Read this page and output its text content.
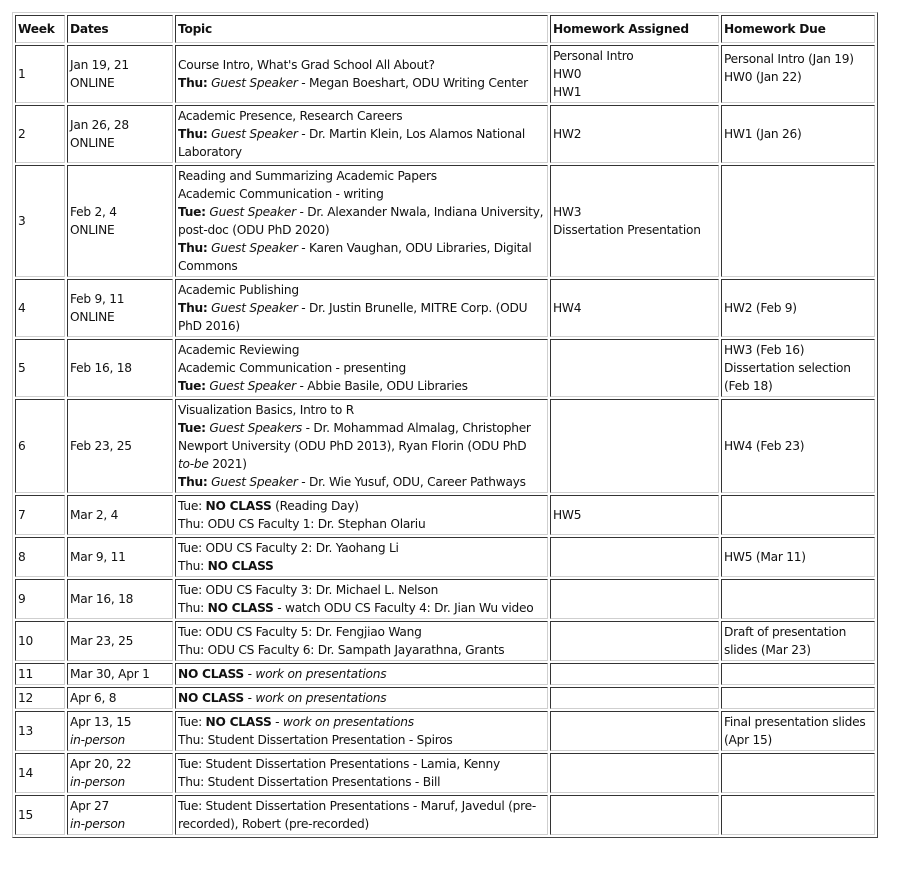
Week	Dates	Topic	Homework Assigned	Homework Due
1	Jan 19, 21
ONLINE	Course Intro, What's Grad School All About?
Thu: Guest Speaker - Megan Boeshart, ODU Writing Center	Personal Intro
HW0
HW1	Personal Intro (Jan 19)
HW0 (Jan 22)

2	Jan 26, 28
ONLINE	Academic Presence, Research Careers
Thu: Guest Speaker - Dr. Martin Klein, Los Alamos National Laboratory	HW2	HW1 (Jan 26)

3	Feb 2, 4
ONLINE	Reading and Summarizing Academic Papers
Academic Communication - writing
Tue: Guest Speaker - Dr. Alexander Nwala, Indiana University, post-doc (ODU PhD 2020)
Thu: Guest Speaker - Karen Vaughan, ODU Libraries, Digital Commons	HW3
Dissertation Presentation	

4	Feb 9, 11
ONLINE	Academic Publishing
Thu: Guest Speaker - Dr. Justin Brunelle, MITRE Corp. (ODU PhD 2016)	HW4	HW2 (Feb 9)

5	Feb 16, 18	Academic Reviewing
Academic Communication - presenting
Tue: Guest Speaker - Abbie Basile, ODU Libraries		HW3 (Feb 16)
Dissertation selection (Feb 18)

6	Feb 23, 25	Visualization Basics, Intro to R
Tue: Guest Speakers - Dr. Mohammad Almalag, Christopher Newport University (ODU PhD 2013), Ryan Florin (ODU PhD to-be 2021)
Thu: Guest Speaker - Dr. Wie Yusuf, ODU, Career Pathways		HW4 (Feb 23)

7	Mar 2, 4	Tue: NO CLASS (Reading Day)
Thu: ODU CS Faculty 1: Dr. Stephan Olariu	HW5	

8	Mar 9, 11	Tue: ODU CS Faculty 2: Dr. Yaohang Li
Thu: NO CLASS		HW5 (Mar 11)

9	Mar 16, 18	Tue: ODU CS Faculty 3: Dr. Michael L. Nelson
Thu: NO CLASS - watch ODU CS Faculty 4: Dr. Jian Wu video		

10	Mar 23, 25	Tue: ODU CS Faculty 5: Dr. Fengjiao Wang
Thu: ODU CS Faculty 6: Dr. Sampath Jayarathna, Grants		Draft of presentation slides (Mar 23)

11	Mar 30, Apr 1	NO CLASS - work on presentations		

12	Apr 6, 8	NO CLASS - work on presentations		

13	Apr 13, 15
in-person	Tue: NO CLASS - work on presentations
Thu: Student Dissertation Presentation - Spiros		Final presentation slides (Apr 15)

14	Apr 20, 22
in-person	Tue: Student Dissertation Presentations - Lamia, Kenny
Thu: Student Dissertation Presentations - Bill		

15	Apr 27
in-person	Tue: Student Dissertation Presentations - Maruf, Javedul (pre-recorded), Robert (pre-recorded)		
